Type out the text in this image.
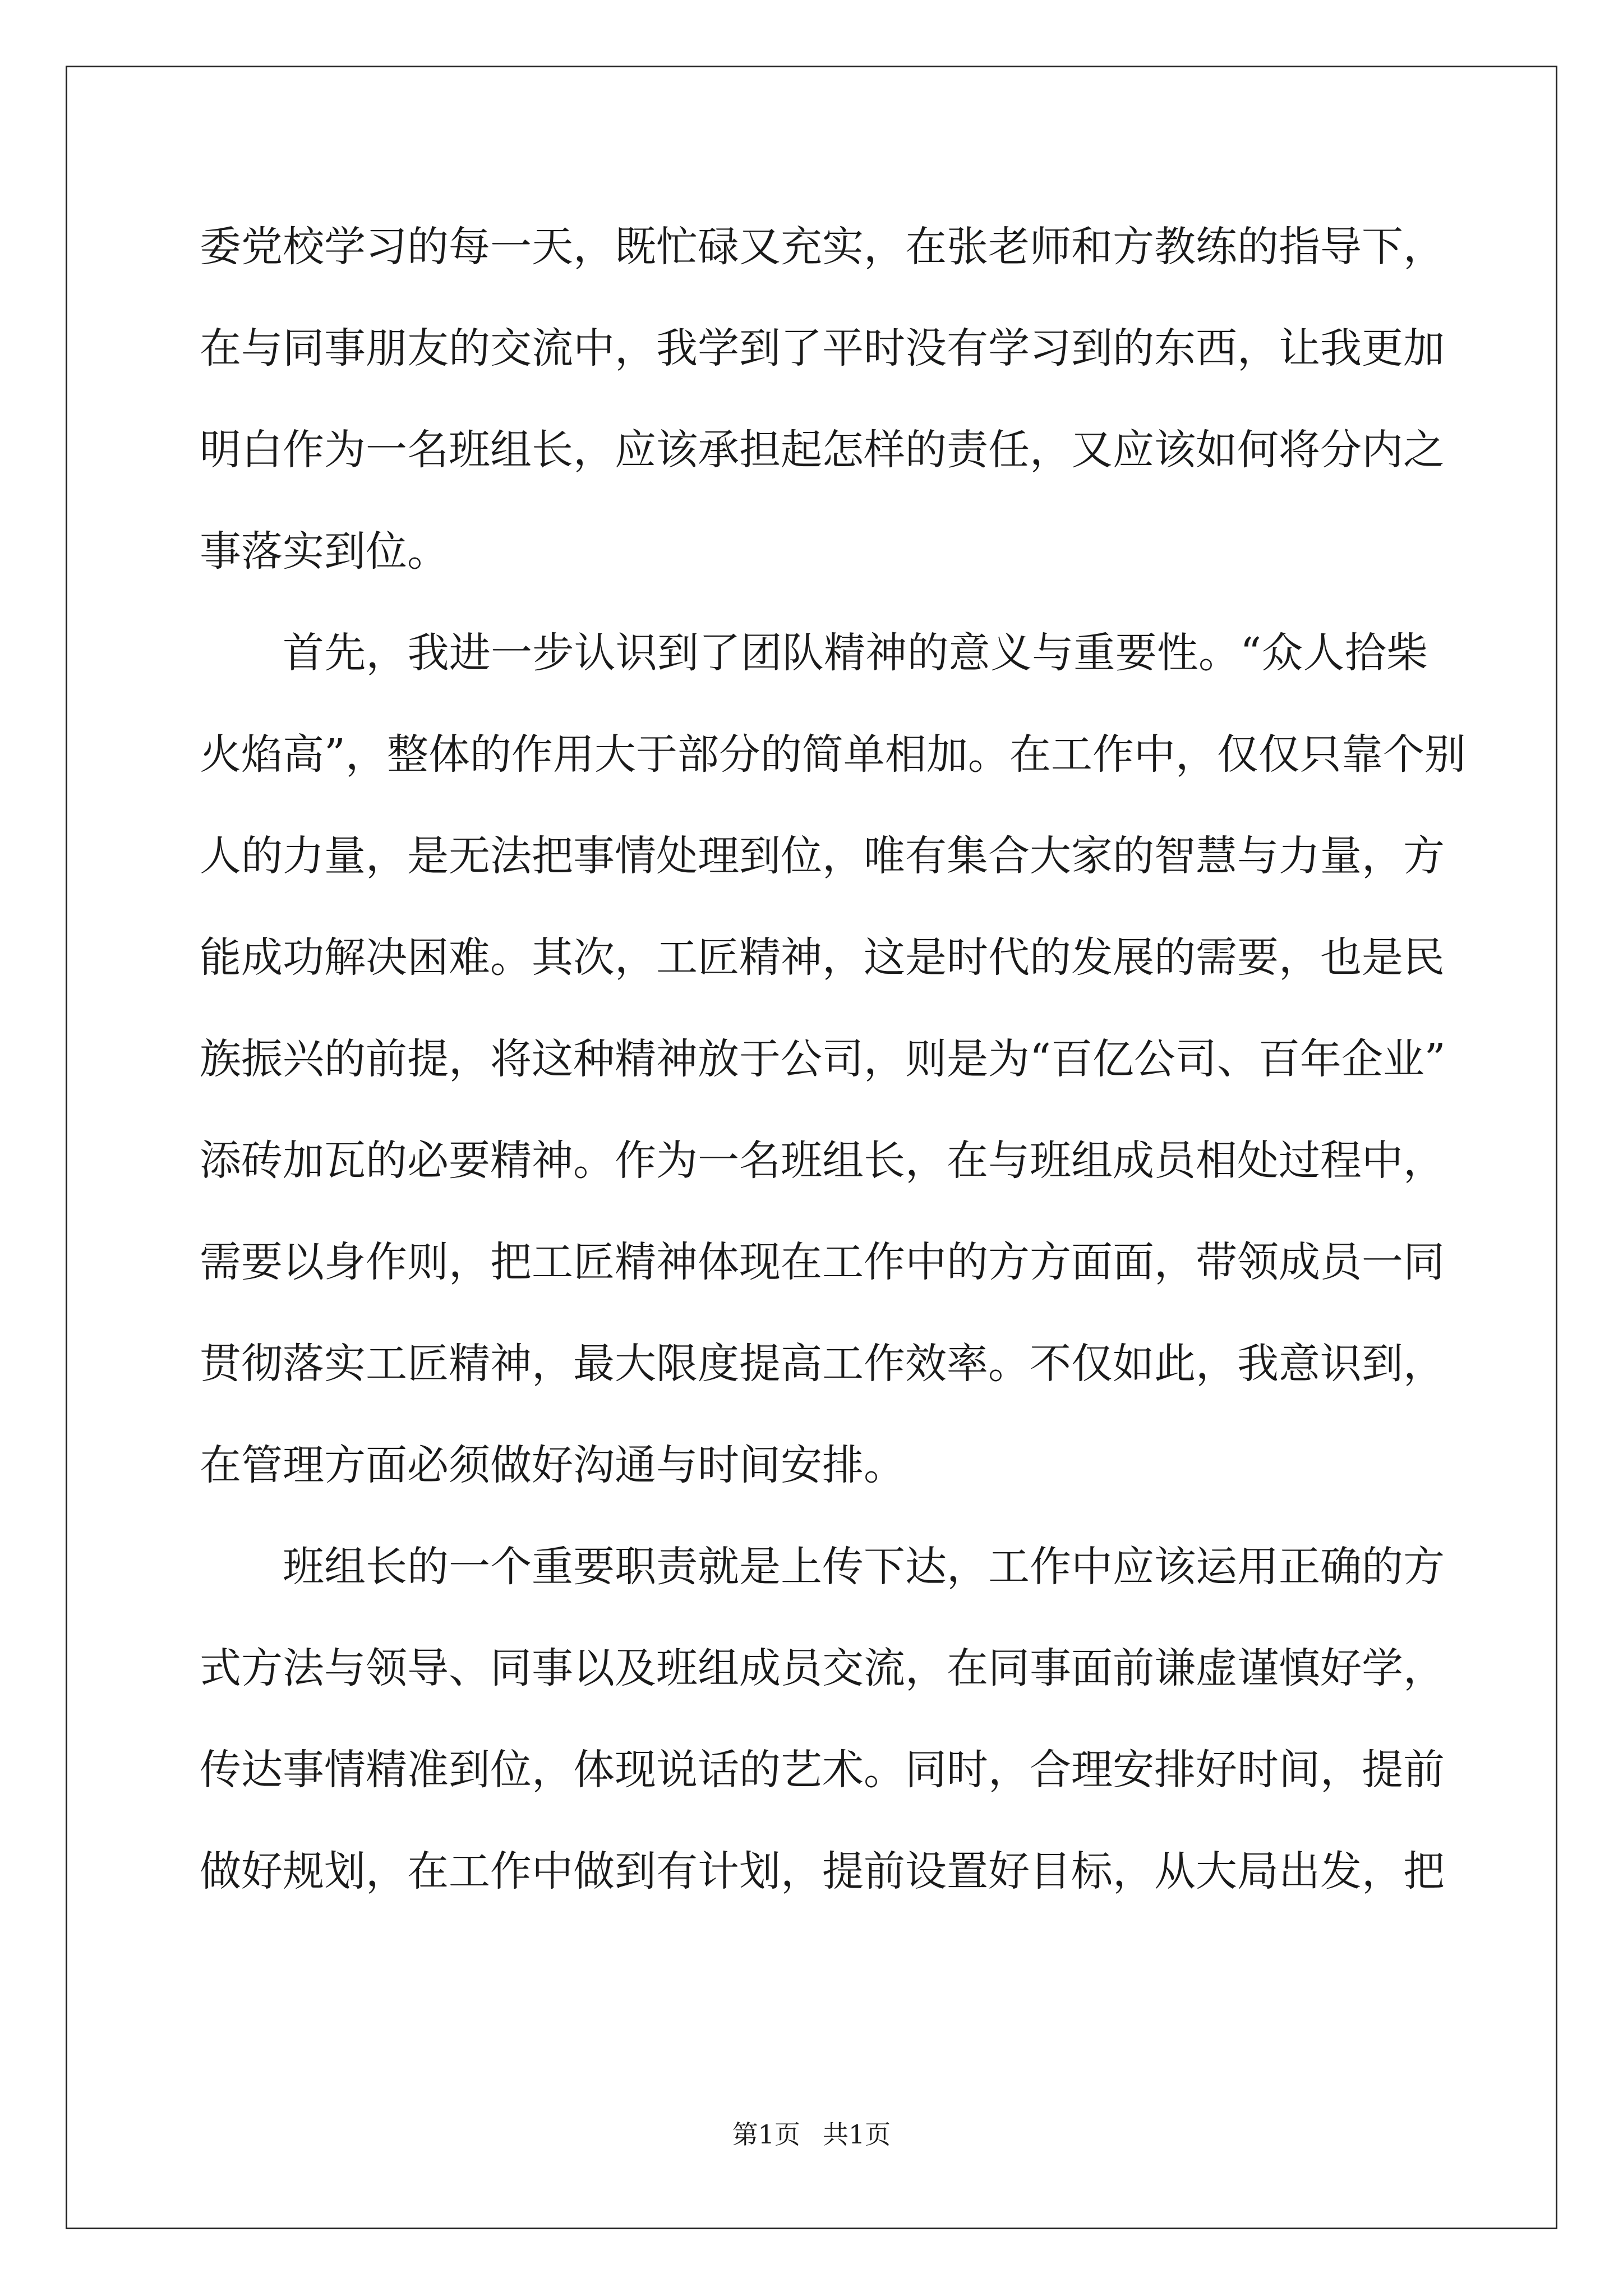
委党校学习的每一天，既忙碌又充实，在张老师和方教练的指导下，
在与同事朋友的交流中，我学到了平时没有学习到的东西，让我更加
明白作为一名班组长，应该承担起怎样的责任，又应该如何将分内之
事落实到位。
首先，我进一步认识到了团队精神的意义与重要性。“众人拾柴
火焰高”，整体的作用大于部分的简单相加。在工作中，仅仅只靠个别
人的力量，是无法把事情处理到位，唯有集合大家的智慧与力量，方
能成功解决困难。其次，工匠精神，这是时代的发展的需要，也是民
族振兴的前提，将这种精神放于公司，则是为“百亿公司、百年企业”
添砖加瓦的必要精神。作为一名班组长，在与班组成员相处过程中，
需要以身作则，把工匠精神体现在工作中的方方面面，带领成员一同
贯彻落实工匠精神，最大限度提高工作效率。不仅如此，我意识到，
在管理方面必须做好沟通与时间安排。
班组长的一个重要职责就是上传下达，工作中应该运用正确的方
式方法与领导、同事以及班组成员交流，在同事面前谦虚谨慎好学，
传达事情精准到位，体现说话的艺术。同时，合理安排好时间，提前
做好规划，在工作中做到有计划，提前设置好目标，从大局出发，把
第1页 共1页
